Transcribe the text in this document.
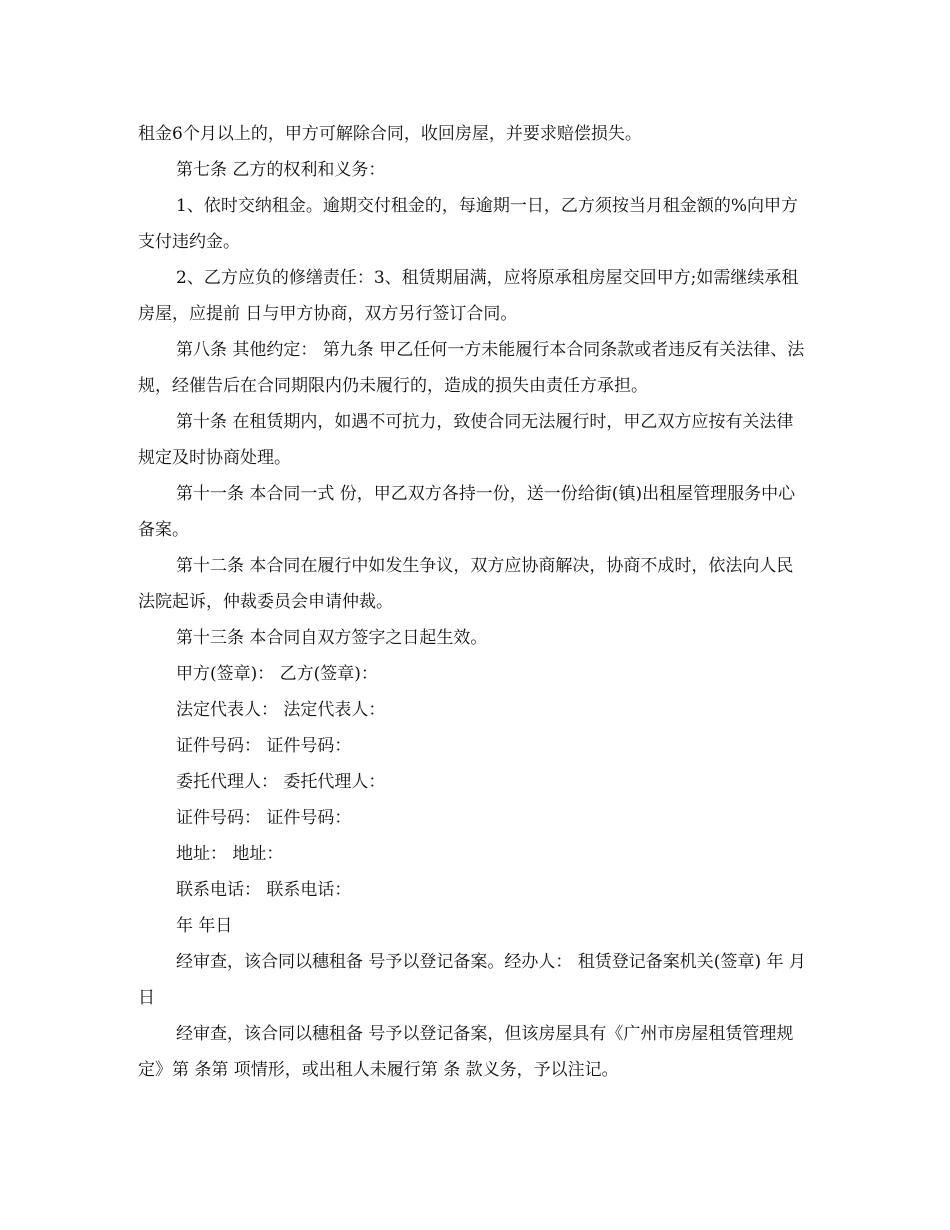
租金6个月以上的，甲方可解除合同，收回房屋，并要求赔偿损失。

第七条 乙方的权利和义务：

1、依时交纳租金。逾期交付租金的，每逾期一日，乙方须按当月租金额的%向甲方支付违约金。

2、乙方应负的修缮责任：3、租赁期届满，应将原承租房屋交回甲方;如需继续承租房屋，应提前 日与甲方协商，双方另行签订合同。

第八条 其他约定： 第九条 甲乙任何一方未能履行本合同条款或者违反有关法律、法规，经催告后在合同期限内仍未履行的，造成的损失由责任方承担。

第十条 在租赁期内，如遇不可抗力，致使合同无法履行时，甲乙双方应按有关法律规定及时协商处理。

第十一条 本合同一式 份，甲乙双方各持一份，送一份给街(镇)出租屋管理服务中心备案。

第十二条 本合同在履行中如发生争议，双方应协商解决，协商不成时，依法向人民法院起诉，仲裁委员会申请仲裁。

第十三条 本合同自双方签字之日起生效。

甲方(签章)： 乙方(签章)：

法定代表人： 法定代表人：

证件号码： 证件号码：

委托代理人： 委托代理人：

证件号码： 证件号码：

地址： 地址：

联系电话： 联系电话：

年 年日

经审查，该合同以穗租备 号予以登记备案。经办人： 租赁登记备案机关(签章) 年 月 日

经审查，该合同以穗租备 号予以登记备案，但该房屋具有《广州市房屋租赁管理规定》第 条第 项情形，或出租人未履行第 条 款义务，予以注记。
